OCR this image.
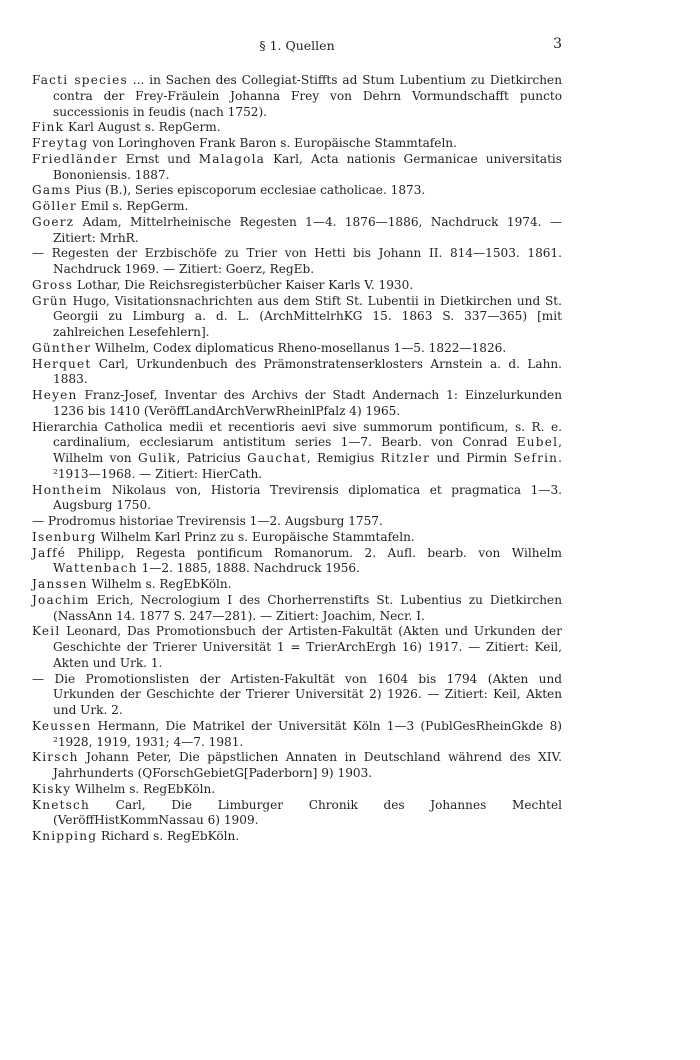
§ 1. Quellen	3
Facti species ... in Sachen des Collegiat-Stiffts ad Stum Lubentium zu Dietkirchen contra der Frey-Fräulein Johanna Frey von Dehrn Vormundschafft puncto successionis in feudis (nach 1752).
Fink Karl August s. RepGerm.
Freytag von Loringhoven Frank Baron s. Europäische Stammtafeln.
Friedländer Ernst und Malagola Karl, Acta nationis Germanicae universitatis Bononiensis. 1887.
Gams Pius (B.), Series episcoporum ecclesiae catholicae. 1873.
Göller Emil s. RepGerm.
Goerz Adam, Mittelrheinische Regesten 1—4. 1876—1886, Nachdruck 1974. — Zitiert: MrhR.
— Regesten der Erzbischöfe zu Trier von Hetti bis Johann II. 814—1503. 1861. Nachdruck 1969. — Zitiert: Goerz, RegEb.
Gross Lothar, Die Reichsregisterbücher Kaiser Karls V. 1930.
Grün Hugo, Visitationsnachrichten aus dem Stift St. Lubentii in Dietkirchen und St. Georgii zu Limburg a. d. L. (ArchMittelrhKG 15. 1863 S. 337—365) [mit zahlreichen Lesefehlern].
Günther Wilhelm, Codex diplomaticus Rheno-mosellanus 1—5. 1822—1826.
Herquet Carl, Urkundenbuch des Prämonstratenserklosters Arnstein a. d. Lahn. 1883.
Heyen Franz-Josef, Inventar des Archivs der Stadt Andernach 1: Einzelurkunden 1236 bis 1410 (VeröffLandArchVerwRheinlPfalz 4) 1965.
Hierarchia Catholica medii et recentioris aevi sive summorum pontificum, s. R. e. cardinalium, ecclesiarum antistitum series 1—7. Bearb. von Conrad Eubel, Wilhelm von Gulik, Patricius Gauchat, Remigius Ritzler und Pirmin Sefrin. ²1913—1968. — Zitiert: HierCath.
Hontheim Nikolaus von, Historia Trevirensis diplomatica et pragmatica 1—3. Augsburg 1750.
— Prodromus historiae Trevirensis 1—2. Augsburg 1757.
Isenburg Wilhelm Karl Prinz zu s. Europäische Stammtafeln.
Jaffé Philipp, Regesta pontificum Romanorum. 2. Aufl. bearb. von Wilhelm Wattenbach 1—2. 1885, 1888. Nachdruck 1956.
Janssen Wilhelm s. RegEbKöln.
Joachim Erich, Necrologium I des Chorherrenstifts St. Lubentius zu Dietkirchen (NassAnn 14. 1877 S. 247—281). — Zitiert: Joachim, Necr. I.
Keil Leonard, Das Promotionsbuch der Artisten-Fakultät (Akten und Urkunden der Geschichte der Trierer Universität 1 = TrierArchErgh 16) 1917. — Zitiert: Keil, Akten und Urk. 1.
— Die Promotionslisten der Artisten-Fakultät von 1604 bis 1794 (Akten und Urkunden der Geschichte der Trierer Universität 2) 1926. — Zitiert: Keil, Akten und Urk. 2.
Keussen Hermann, Die Matrikel der Universität Köln 1—3 (PublGesRheinGkde 8) ²1928, 1919, 1931; 4—7. 1981.
Kirsch Johann Peter, Die päpstlichen Annaten in Deutschland während des XIV. Jahrhunderts (QForschGebietG[Paderborn] 9) 1903.
Kisky Wilhelm s. RegEbKöln.
Knetsch Carl, Die Limburger Chronik des Johannes Mechtel (VeröffHistKommNassau 6) 1909.
Knipping Richard s. RegEbKöln.
